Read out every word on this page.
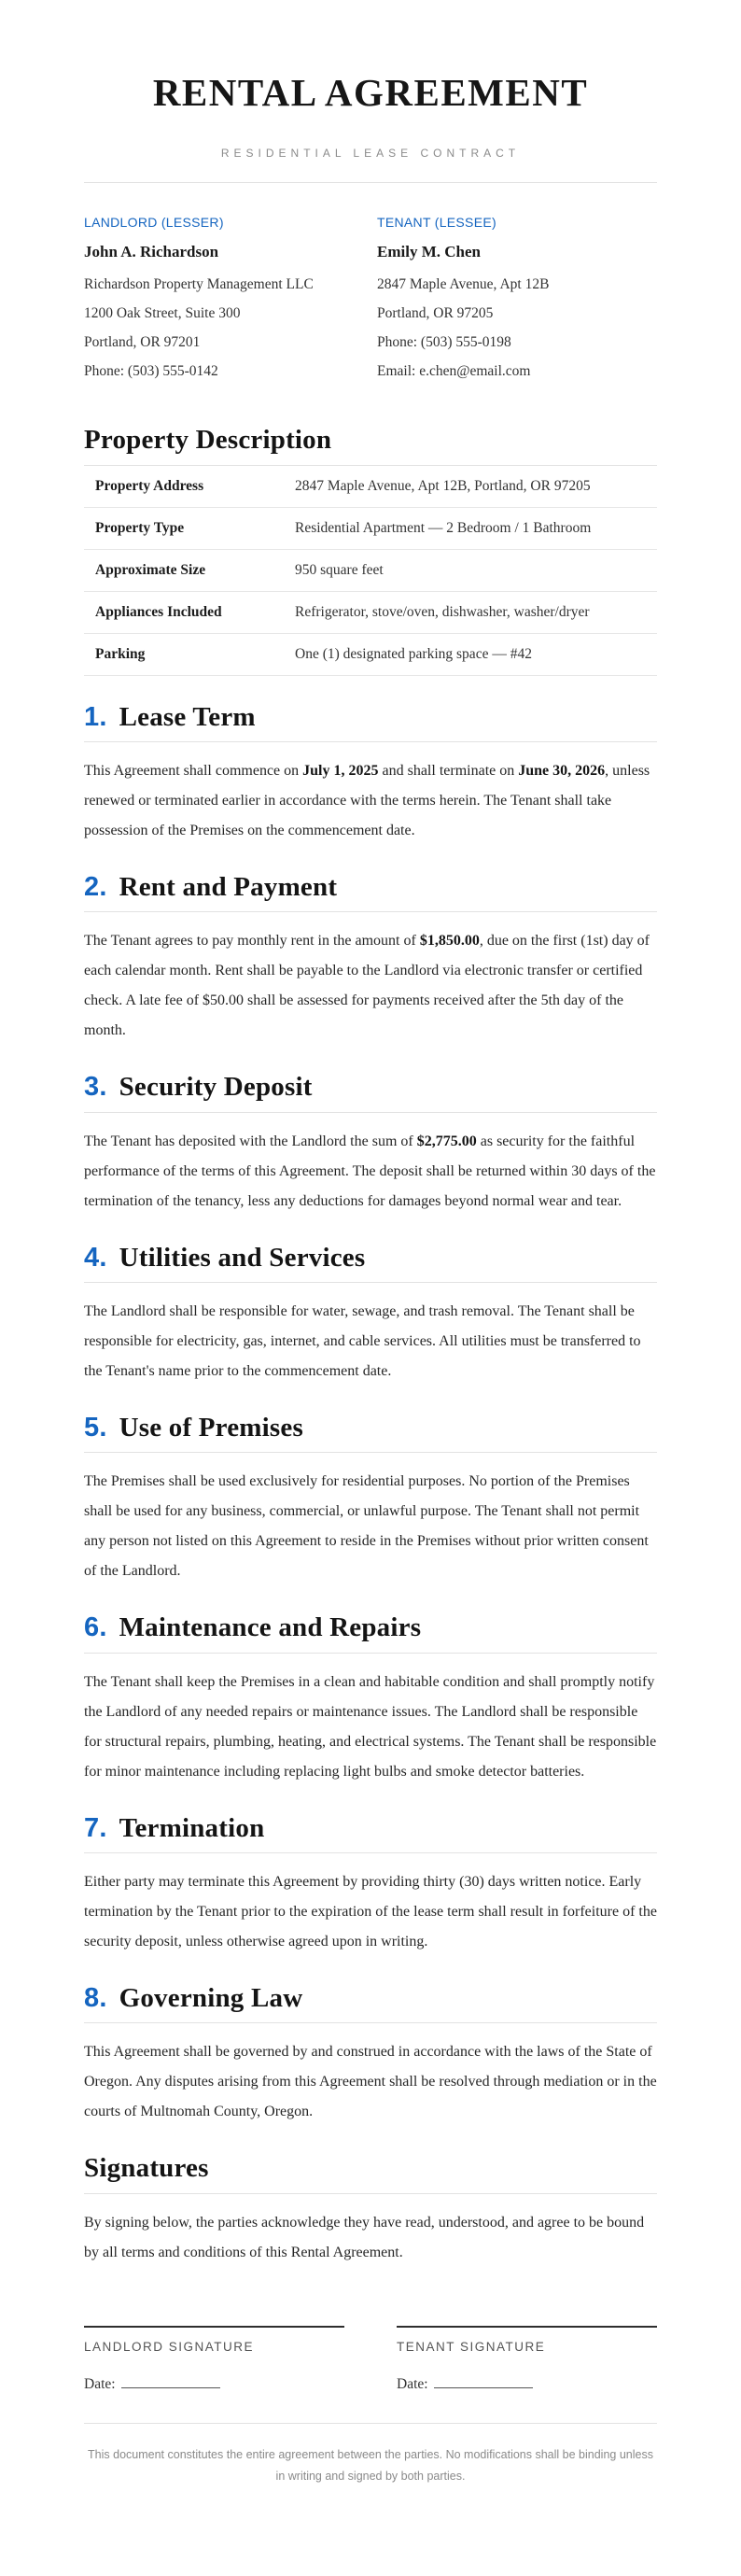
RENTAL AGREEMENT
RESIDENTIAL LEASE CONTRACT
LANDLORD (LESSER)
John A. Richardson
Richardson Property Management LLC
1200 Oak Street, Suite 300
Portland, OR 97201
Phone: (503) 555-0142
TENANT (LESSEE)
Emily M. Chen
2847 Maple Avenue, Apt 12B
Portland, OR 97205
Phone: (503) 555-0198
Email: e.chen@email.com
Property Description
Property Address	2847 Maple Avenue, Apt 12B, Portland, OR 97205
Property Type	Residential Apartment — 2 Bedroom / 1 Bathroom
Approximate Size	950 square feet
Appliances Included	Refrigerator, stove/oven, dishwasher, washer/dryer
Parking	One (1) designated parking space — #42
1. Lease Term

This Agreement shall commence on July 1, 2025 and shall terminate on June 30, 2026, unless renewed or terminated earlier in accordance with the terms herein. The Tenant shall take possession of the Premises on the commencement date.

2. Rent and Payment

The Tenant agrees to pay monthly rent in the amount of $1,850.00, due on the first (1st) day of each calendar month. Rent shall be payable to the Landlord via electronic transfer or certified check. A late fee of $50.00 shall be assessed for payments received after the 5th day of the month.

3. Security Deposit

The Tenant has deposited with the Landlord the sum of $2,775.00 as security for the faithful performance of the terms of this Agreement. The deposit shall be returned within 30 days of the termination of the tenancy, less any deductions for damages beyond normal wear and tear.

4. Utilities and Services

The Landlord shall be responsible for water, sewage, and trash removal. The Tenant shall be responsible for electricity, gas, internet, and cable services. All utilities must be transferred to the Tenant's name prior to the commencement date.

5. Use of Premises

The Premises shall be used exclusively for residential purposes. No portion of the Premises shall be used for any business, commercial, or unlawful purpose. The Tenant shall not permit any person not listed on this Agreement to reside in the Premises without prior written consent of the Landlord.

6. Maintenance and Repairs

The Tenant shall keep the Premises in a clean and habitable condition and shall promptly notify the Landlord of any needed repairs or maintenance issues. The Landlord shall be responsible for structural repairs, plumbing, heating, and electrical systems. The Tenant shall be responsible for minor maintenance including replacing light bulbs and smoke detector batteries.

7. Termination

Either party may terminate this Agreement by providing thirty (30) days written notice. Early termination by the Tenant prior to the expiration of the lease term shall result in forfeiture of the security deposit, unless otherwise agreed upon in writing.

8. Governing Law

This Agreement shall be governed by and construed in accordance with the laws of the State of Oregon. Any disputes arising from this Agreement shall be resolved through mediation or in the courts of Multnomah County, Oregon.

Signatures

By signing below, the parties acknowledge they have read, understood, and agree to be bound by all terms and conditions of this Rental Agreement.

LANDLORD SIGNATURE
Date:
TENANT SIGNATURE
Date:

This document constitutes the entire agreement between the parties. No modifications shall be binding unless in writing and signed by both parties.
